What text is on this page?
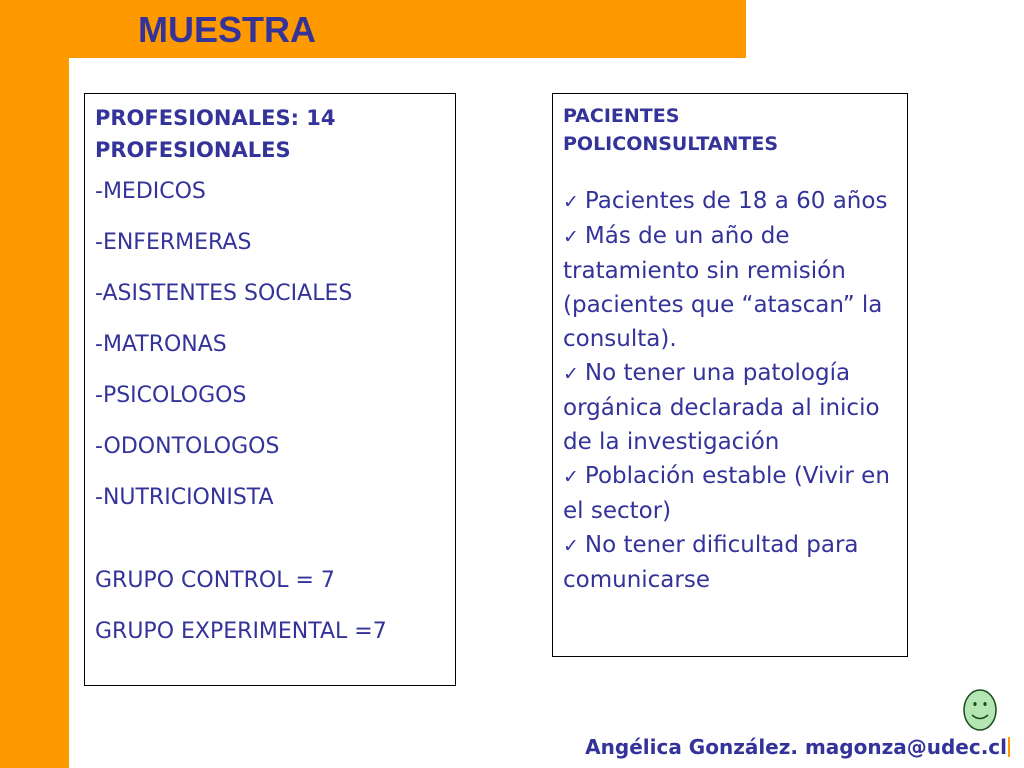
MUESTRA

PROFESIONALES: 14 PROFESIONALES

-MEDICOS
-ENFERMERAS
-ASISTENTES SOCIALES
-MATRONAS
-PSICOLOGOS
-ODONTOLOGOS
-NUTRICIONISTA

GRUPO CONTROL = 7

GRUPO EXPERIMENTAL =7

PACIENTES POLICONSULTANTES

✓ Pacientes de 18 a 60 años
✓ Más de un año de tratamiento sin remisión (pacientes que “atascan” la consulta).
✓ No tener una patología orgánica declarada al inicio de la investigación
✓ Población estable (Vivir en el sector)
✓ No tener dificultad para comunicarse
Angélica González. magonza@udec.cl
